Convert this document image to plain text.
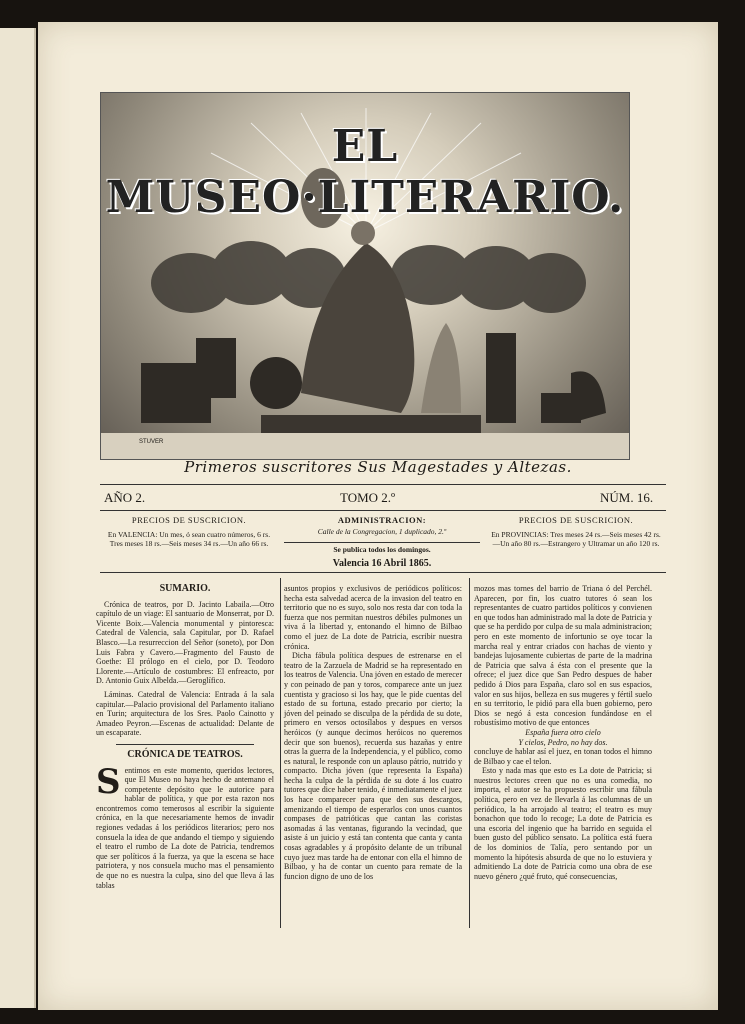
EL MUSEO·LITERARIO.
STUVER
Primeros suscritores Sus Magestades y Altezas.
AÑO 2.	TOMO 2.º	NÚM. 16.
PRECIOS DE SUSCRICION.
En VALENCIA: Un mes, ó sean cuatro números, 6 rs. Tres meses 18 rs.—Seis meses 34 rs.—Un año 66 rs.
ADMINISTRACION:
Calle de la Congregacion, 1 duplicado, 2.º
Se publica todos los domingos.
Valencia 16 Abril 1865.
PRECIOS DE SUSCRICION.
En PROVINCIAS: Tres meses 24 rs.—Seis meses 42 rs.—Un año 80 rs.—Estrangero y Ultramar un año 120 rs.
SUMARIO.

Crónica de teatros, por D. Jacinto Labaila.—Otro capítulo de un viage: El santuario de Monserrat, por D. Vicente Boix.—Valencia monumental y pintoresca: Catedral de Valencia, sala Capitular, por D. Rafael Blasco.—La resurreccion del Señor (soneto), por Don Luis Fabra y Cavero.—Fragmento del Fausto de Goethe: El prólogo en el cielo, por D. Teodoro Llorente.—Artículo de costumbres: El enfreacto, por D. Antonio Guix Albelda.—Geroglífico.

Láminas. Catedral de Valencia: Entrada á la sala capitular.—Palacio provisional del Parlamento italiano en Turin; arquitectura de los Sres. Paolo Cainotto y Amadeo Peyron.—Escenas de actualidad: Delante de un escaparate.

CRÓNICA DE TEATROS.

Sentimos en este momento, queridos lectores, que El Museo no haya hecho de antemano el competente depósito que le autorice para hablar de política, y que por esta razon nos encontremos como temerosos al escribir la siguiente crónica, en la que necesariamente hemos de invadir regiones vedadas á los periódicos literarios; pero nos consuela la idea de que andando el tiempo y siguiendo el teatro el rumbo de La dote de Patricia, tendremos que ser políticos á la fuerza, ya que la escena se hace patriotera, y nos consuela mucho mas el pensamiento de que no es nuestra la culpa, sino del que lleva á las tablas

asuntos propios y exclusivos de periódicos políticos: hecha esta salvedad acerca de la invasion del teatro en territorio que no es suyo, solo nos resta dar con toda la fuerza que nos permitan nuestros débiles pulmones un viva á la libertad y, entonando el himno de Bilbao como el juez de La dote de Patricia, escribir nuestra crónica.

Dicha fábula política despues de estrenarse en el teatro de la Zarzuela de Madrid se ha representado en los teatros de Valencia. Una jóven en estado de merecer y con peinado de pan y toros, comparece ante un juez cuentista y gracioso si los hay, que le pide cuentas del estado de su fortuna, estado precario por cierto; la jóven del peinado se disculpa de la pérdida de su dote, primero en versos octosílabos y despues en versos heróicos (y aunque decimos heróicos no queremos decir que son buenos), recuerda sus hazañas y entre otras la guerra de la Independencia, y el público, como es natural, le responde con un aplauso pátrio, nutrido y compacto. Dicha jóven (que representa la España) hecha la culpa de la pérdida de su dote á los cuatro tutores que dice haber tenido, é inmediatamente el juez los hace comparecer para que den sus descargos, amenizando el tiempo de esperarlos con unos cuantos compases de patrióticas que cantan las coristas asomadas á las ventanas, figurando la vecindad, que asiste á un juicio y está tan contenta que canta y canta cosas agradables y á propósito delante de un tribunal cuyo juez mas tarde ha de entonar con ella el himno de Bilbao, y ha de contar un cuento para remate de la funcion digno de uno de los

mozos mas tornes del barrio de Triana ó del Perchél. Aparecen, por fin, los cuatro tutores ó sean los representantes de cuatro partidos políticos y convienen en que todos han administrado mal la dote de Patricia y que se ha perdido por culpa de su mala administracion; pero en este momento de infortunio se oye tocar la marcha real y entrar criados con hachas de viento y bandejas lujosamente cubiertas de parte de la madrina de Patricia que salva á ésta con el presente que la ofrece; el juez dice que San Pedro despues de haber pedido á Dios para España, claro sol en sus espacios, valor en sus hijos, belleza en sus mugeres y fértil suelo en su territorio, le pidió para ella buen gobierno, pero Dios se negó á esta concesion fundándose en el robustísimo motivo de que entonces

España fuera otro cielo

Y cielos, Pedro, no hay dos.

concluye de hablar así el juez, en tonan todos el himno de Bilbao y cae el telon.

Esto y nada mas que esto es La dote de Patricia; si nuestros lectores creen que no es una comedia, no importa, el autor se ha propuesto escribir una fábula política, pero en vez de llevarla á las columnas de un periódico, la ha arrojado al teatro; el teatro es muy bonachon que todo lo recoge; La dote de Patricia es una escoria del ingenio que ha barrido en seguida el buen gusto del público sensato. La política está fuera de los dominios de Talía, pero sentando por un momento la hipótesis absurda de que no lo estuviera y admitiendo La dote de Patricia como una obra de ese nuevo género ¿qué fruto, qué consecuencias,
